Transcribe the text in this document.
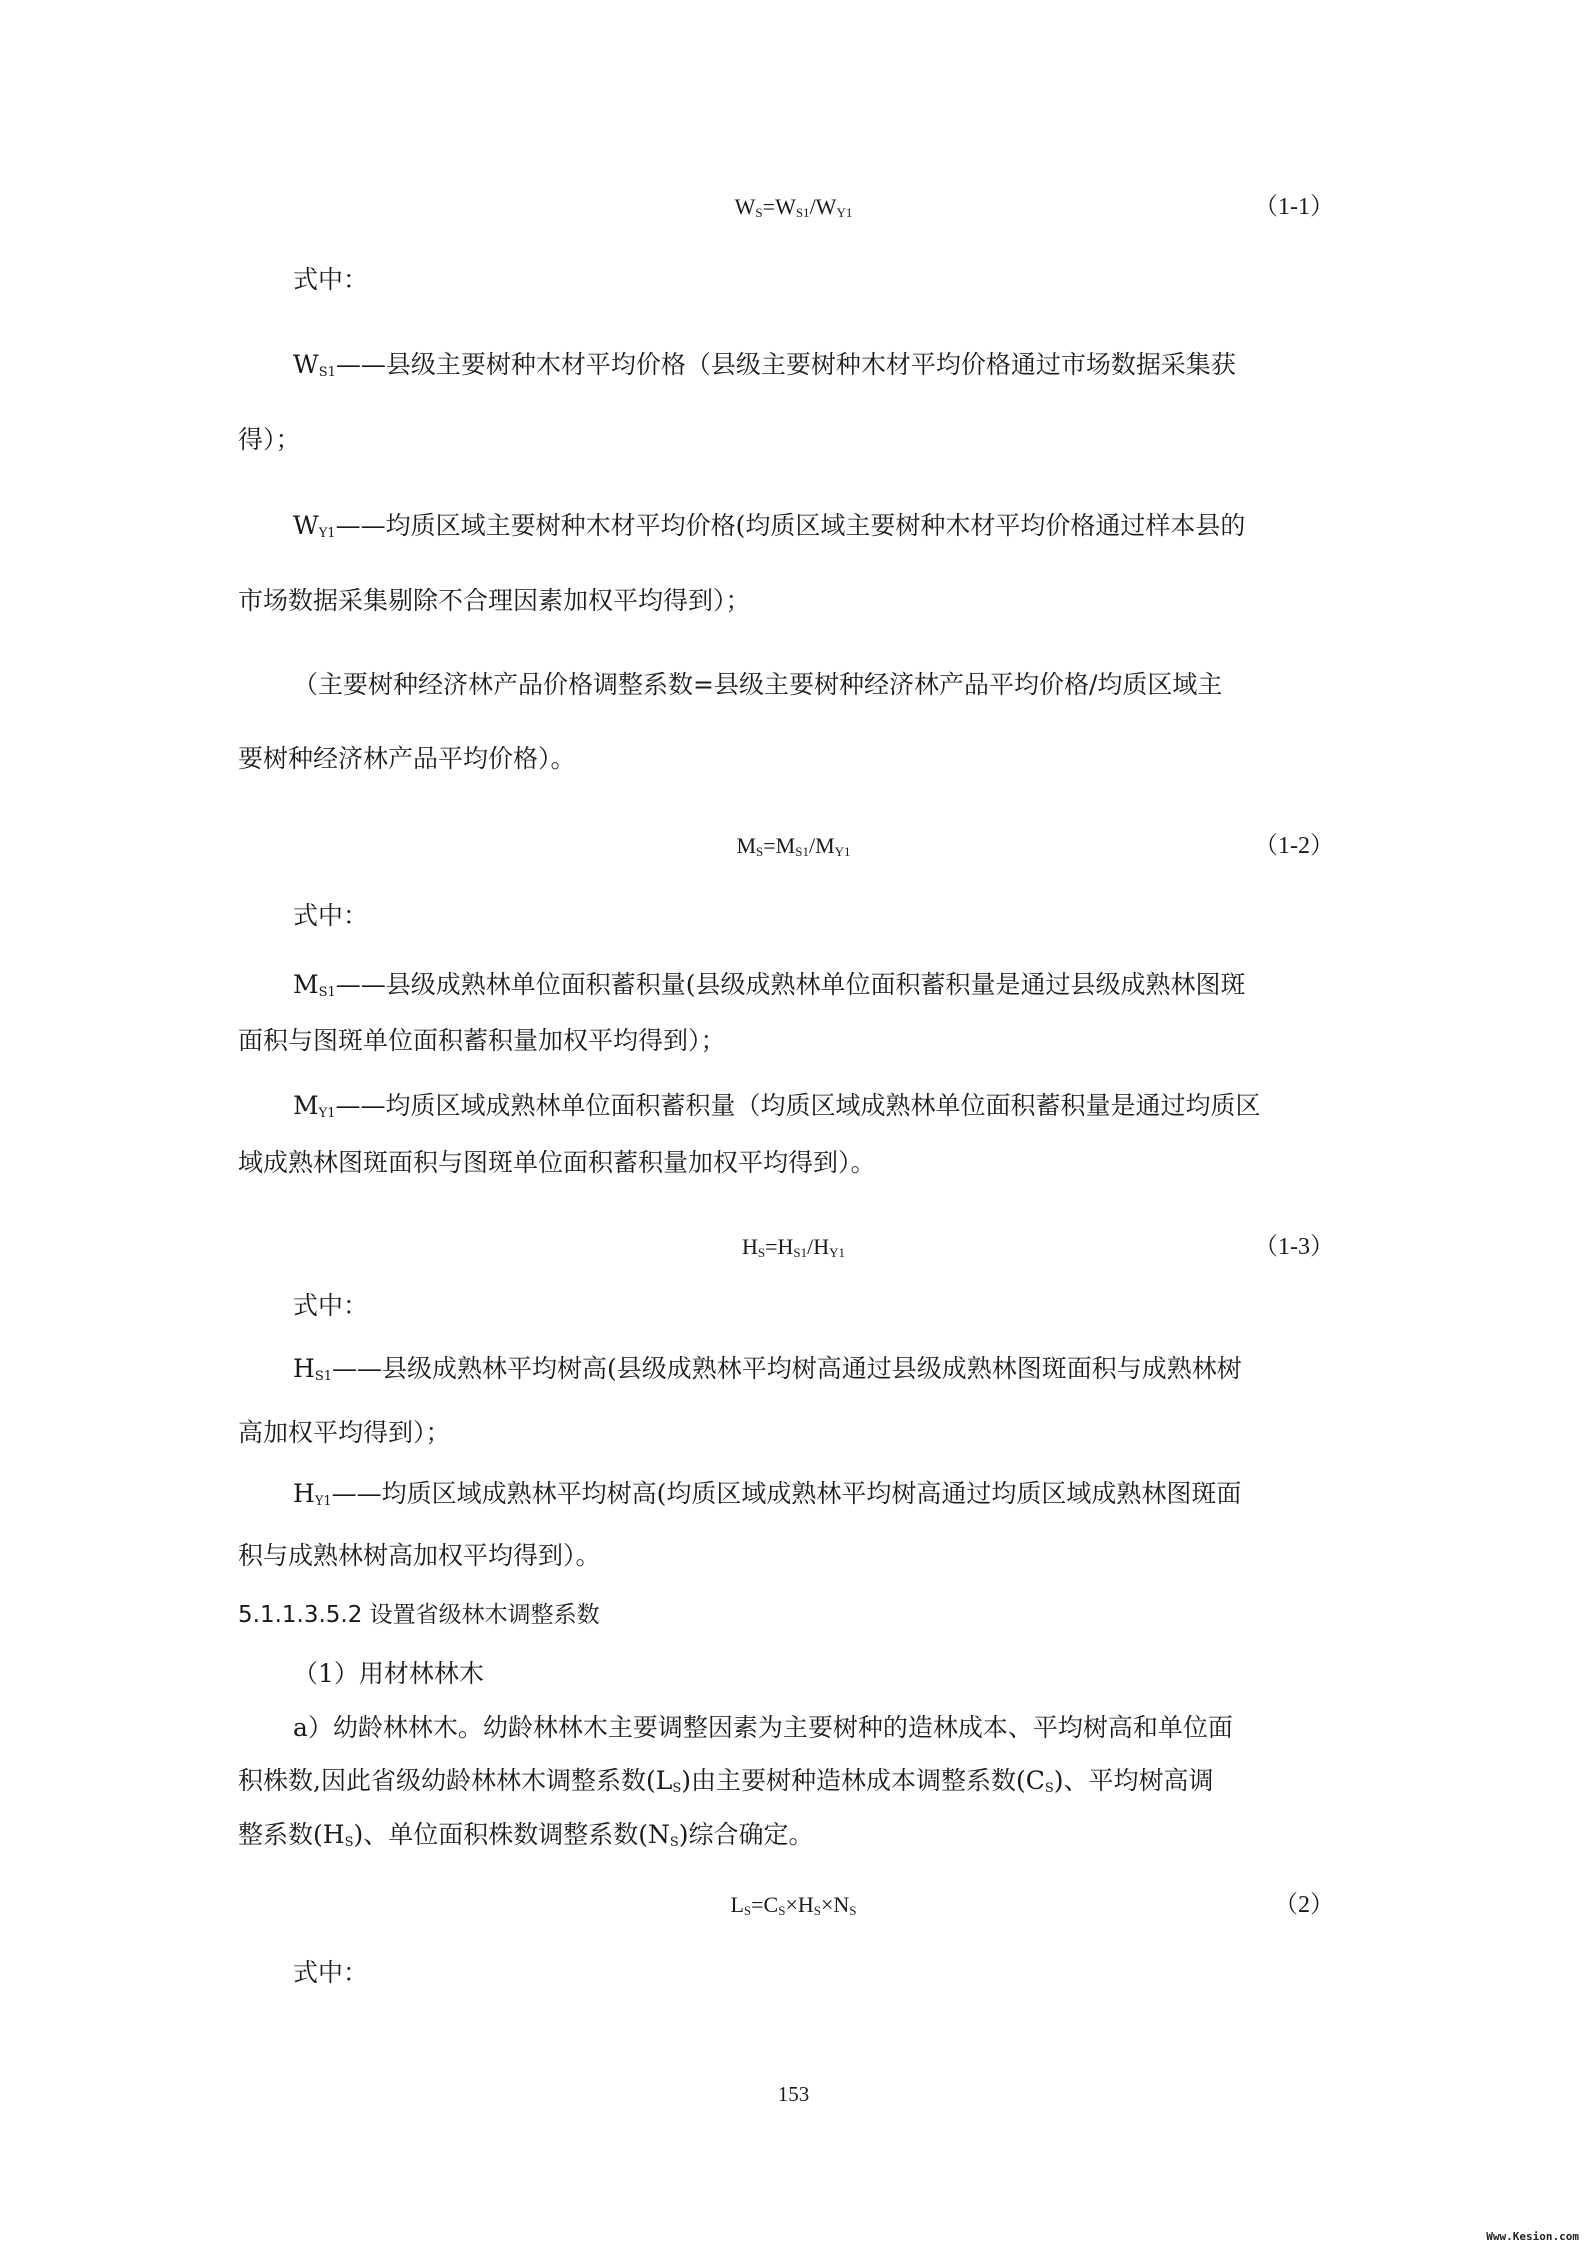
$W_S=W_{S1}/W_{Y1}$	（1-1）
式中：
$W_{S1}——$县级主要树种木材平均价格（县级主要树种木材平均价格通过市场数据采集获
得）；
$W_{Y1}——$均质区域主要树种木材平均价格(均质区域主要树种木材平均价格通过样本县的
市场数据采集剔除不合理因素加权平均得到）；
（主要树种经济林产品价格调整系数=县级主要树种经济林产品平均价格/均质区域主
要树种经济林产品平均价格）。
$M_S=M_{S1}/M_{Y1}$	（1-2）
式中：
$M_{S1}——$县级成熟林单位面积蓄积量(县级成熟林单位面积蓄积量是通过县级成熟林图斑
面积与图斑单位面积蓄积量加权平均得到）；
$M_{Y1}——$均质区域成熟林单位面积蓄积量（均质区域成熟林单位面积蓄积量是通过均质区
域成熟林图斑面积与图斑单位面积蓄积量加权平均得到）。
$H_S=H_{S1}/H_{Y1}$	（1-3）
式中：
$H_{S1}——$县级成熟林平均树高(县级成熟林平均树高通过县级成熟林图斑面积与成熟林树
高加权平均得到）；
$H_{Y1}——$均质区域成熟林平均树高(均质区域成熟林平均树高通过均质区域成熟林图斑面
积与成熟林树高加权平均得到）。
5.1.1.3.5.2 设置省级林木调整系数
（1）用材林林木
a）幼龄林林木。幼龄林林木主要调整因素为主要树种的造林成本、平均树高和单位面
积株数,因此省级幼龄林林木调整系数$(L_S)$由主要树种造林成本调整系数$(C_S)$、平均树高调
整系数$(H_S)$、单位面积株数调整系数$(N_S)$综合确定。
$L_S=C_S\times H_S\times N_S$	（2）
式中：
153
Www.Kesion.com
